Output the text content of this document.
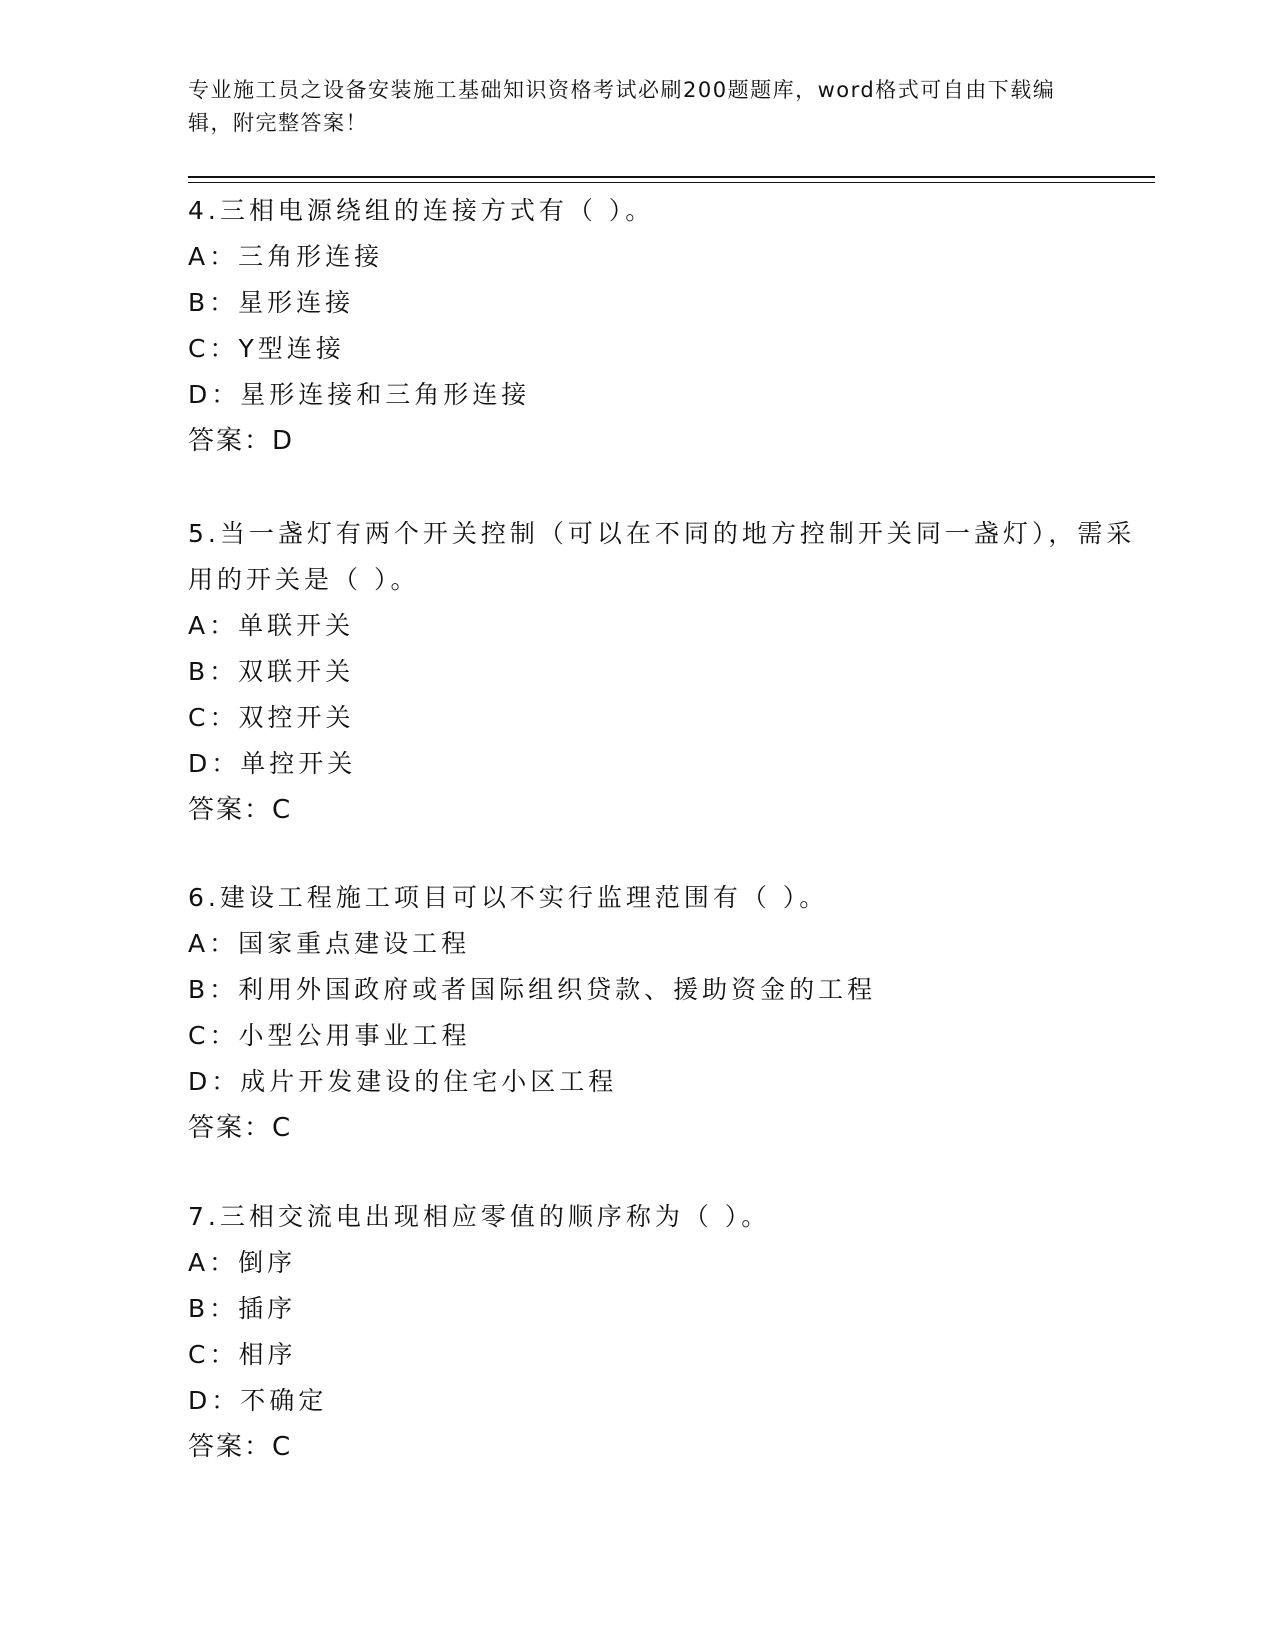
专业施工员之设备安装施工基础知识资格考试必刷200题题库，word格式可自由下载编辑，附完整答案！

4.三相电源绕组的连接方式有（ ）。

A：三角形连接

B：星形连接

C：Y型连接

D：星形连接和三角形连接

答案：D

5.当一盏灯有两个开关控制（可以在不同的地方控制开关同一盏灯），需采用的开关是（ ）。

A：单联开关

B：双联开关

C：双控开关

D：单控开关

答案：C

6.建设工程施工项目可以不实行监理范围有（ ）。

A：国家重点建设工程

B：利用外国政府或者国际组织贷款、援助资金的工程

C：小型公用事业工程

D：成片开发建设的住宅小区工程

答案：C

7.三相交流电出现相应零值的顺序称为（ ）。

A：倒序

B：插序

C：相序

D：不确定

答案：C
